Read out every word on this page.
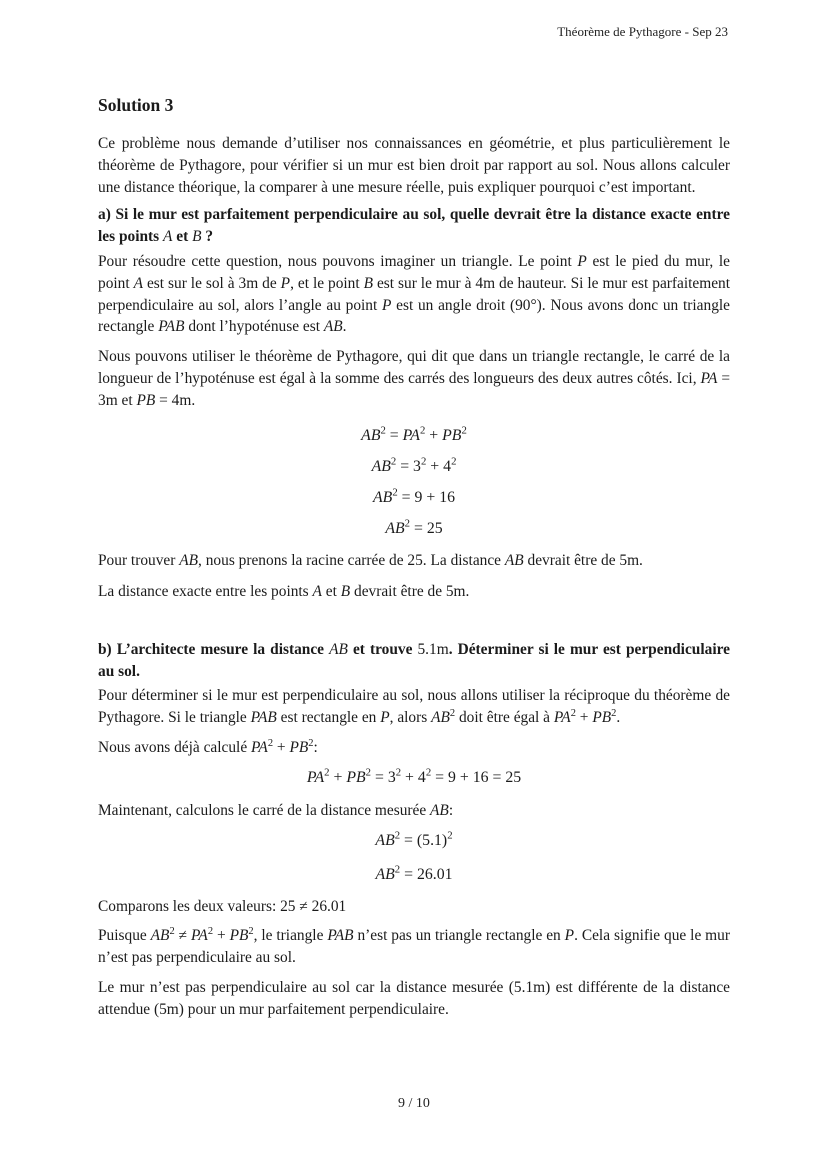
Théorème de Pythagore - Sep 23
Solution 3

Ce problème nous demande d’utiliser nos connaissances en géométrie, et plus particulièrement le théorème de Pythagore, pour vérifier si un mur est bien droit par rapport au sol. Nous allons calculer une distance théorique, la comparer à une mesure réelle, puis expliquer pourquoi c’est important.

a) Si le mur est parfaitement perpendiculaire au sol, quelle devrait être la distance exacte entre les points A et B ?

Pour résoudre cette question, nous pouvons imaginer un triangle. Le point P est le pied du mur, le point A est sur le sol à 3m de P, et le point B est sur le mur à 4m de hauteur. Si le mur est parfaitement perpendiculaire au sol, alors l’angle au point P est un angle droit (90°). Nous avons donc un triangle rectangle PAB dont l’hypoténuse est AB.

Nous pouvons utiliser le théorème de Pythagore, qui dit que dans un triangle rectangle, le carré de la longueur de l’hypoténuse est égal à la somme des carrés des longueurs des deux autres côtés. Ici, PA = 3m et PB = 4m.

$AB^2 = PA^2 + PB^2$
$AB^2 = 3^2 + 4^2$
$AB^2 = 9 + 16$
$AB^2 = 25$

Pour trouver AB, nous prenons la racine carrée de 25. La distance AB devrait être de 5m.

La distance exacte entre les points A et B devrait être de 5m.

b) L’architecte mesure la distance AB et trouve 5.1m. Déterminer si le mur est perpendiculaire au sol.

Pour déterminer si le mur est perpendiculaire au sol, nous allons utiliser la réciproque du théorème de Pythagore. Si le triangle PAB est rectangle en P, alors $AB^2$ doit être égal à $PA^2 + PB^2$.

Nous avons déjà calculé $PA^2 + PB^2$:

$PA^2 + PB^2 = 3^2 + 4^2 = 9 + 16 = 25$

Maintenant, calculons le carré de la distance mesurée AB:

$AB^2 = (5.1)^2$
$AB^2 = 26.01$

Comparons les deux valeurs: 25 ≠ 26.01

Puisque $AB^2 \ne PA^2 + PB^2$, le triangle PAB n’est pas un triangle rectangle en P. Cela signifie que le mur n’est pas perpendiculaire au sol.

Le mur n’est pas perpendiculaire au sol car la distance mesurée (5.1m) est différente de la distance attendue (5m) pour un mur parfaitement perpendiculaire.

9 / 10
